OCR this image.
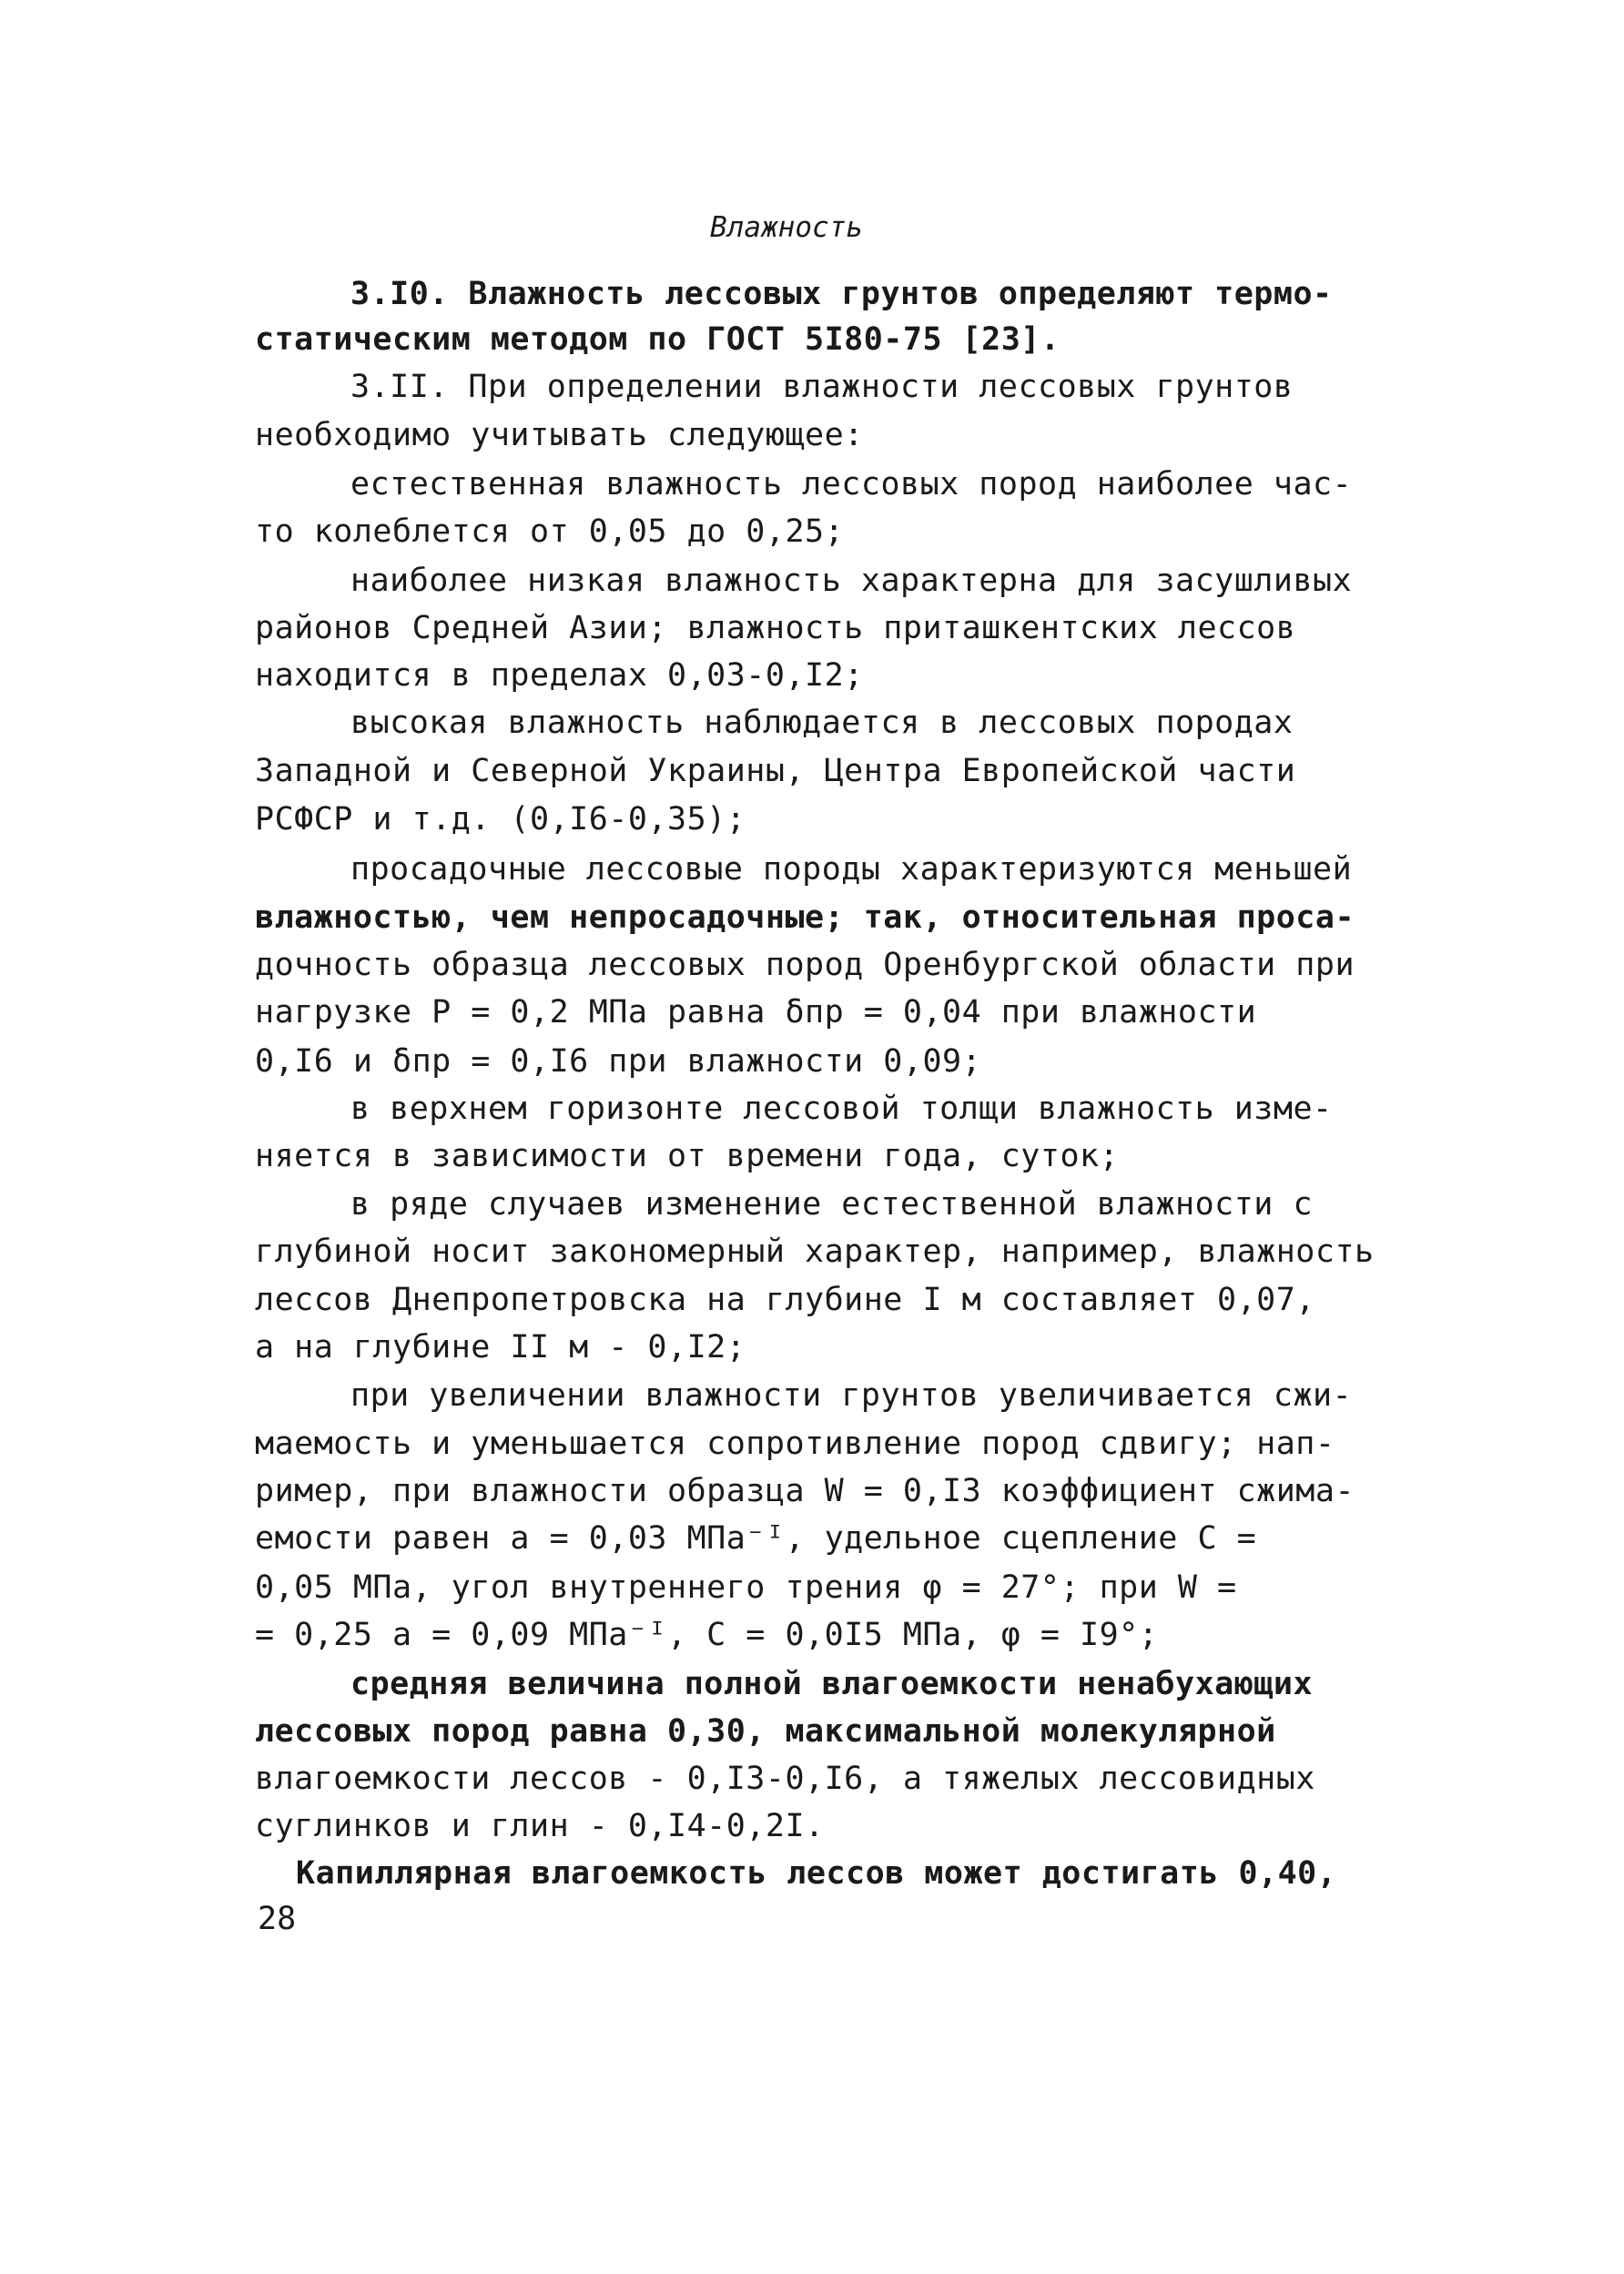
Влажность
3.I0. Влажность лессовых грунтов определяют термо-
статическим методом по ГОСТ 5I80-75 [23].
3.II. При определении влажности лессовых грунтов
необходимо учитывать следующее:
естественная влажность лессовых пород наиболее час-
то колеблется от 0,05 до 0,25;
наиболее низкая влажность характерна для засушливых
районов Средней Азии; влажность приташкентских лессов
находится в пределах 0,03-0,I2;
высокая влажность наблюдается в лессовых породах
Западной и Северной Украины, Центра Европейской части
РСФСР и т.д. (0,I6-0,35);
просадочные лессовые породы характеризуются меньшей
влажностью, чем непросадочные; так, относительная проса-
дочность образца лессовых пород Оренбургской области при
нагрузке P = 0,2 МПа равна δпр = 0,04 при влажности
0,I6 и δпр = 0,I6 при влажности 0,09;
в верхнем горизонте лессовой толщи влажность изме-
няется в зависимости от времени года, суток;
в ряде случаев изменение естественной влажности с
глубиной носит закономерный характер, например, влажность
лессов Днепропетровска на глубине I м составляет 0,07,
а на глубине II м - 0,I2;
при увеличении влажности грунтов увеличивается сжи-
маемость и уменьшается сопротивление пород сдвигу; нап-
ример, при влажности образца W = 0,I3 коэффициент сжима-
емости равен a = 0,03 МПа⁻ᴵ, удельное сцепление C =
0,05 МПа, угол внутреннего трения φ = 27°; при W =
= 0,25 a = 0,09 МПа⁻ᴵ, C = 0,0I5 МПа, φ = I9°;
средняя величина полной влагоемкости ненабухающих
лессовых пород равна 0,30, максимальной молекулярной
влагоемкости лессов - 0,I3-0,I6, а тяжелых лессовидных
суглинков и глин - 0,I4-0,2I.
Капиллярная влагоемкость лессов может достигать 0,40,
28
